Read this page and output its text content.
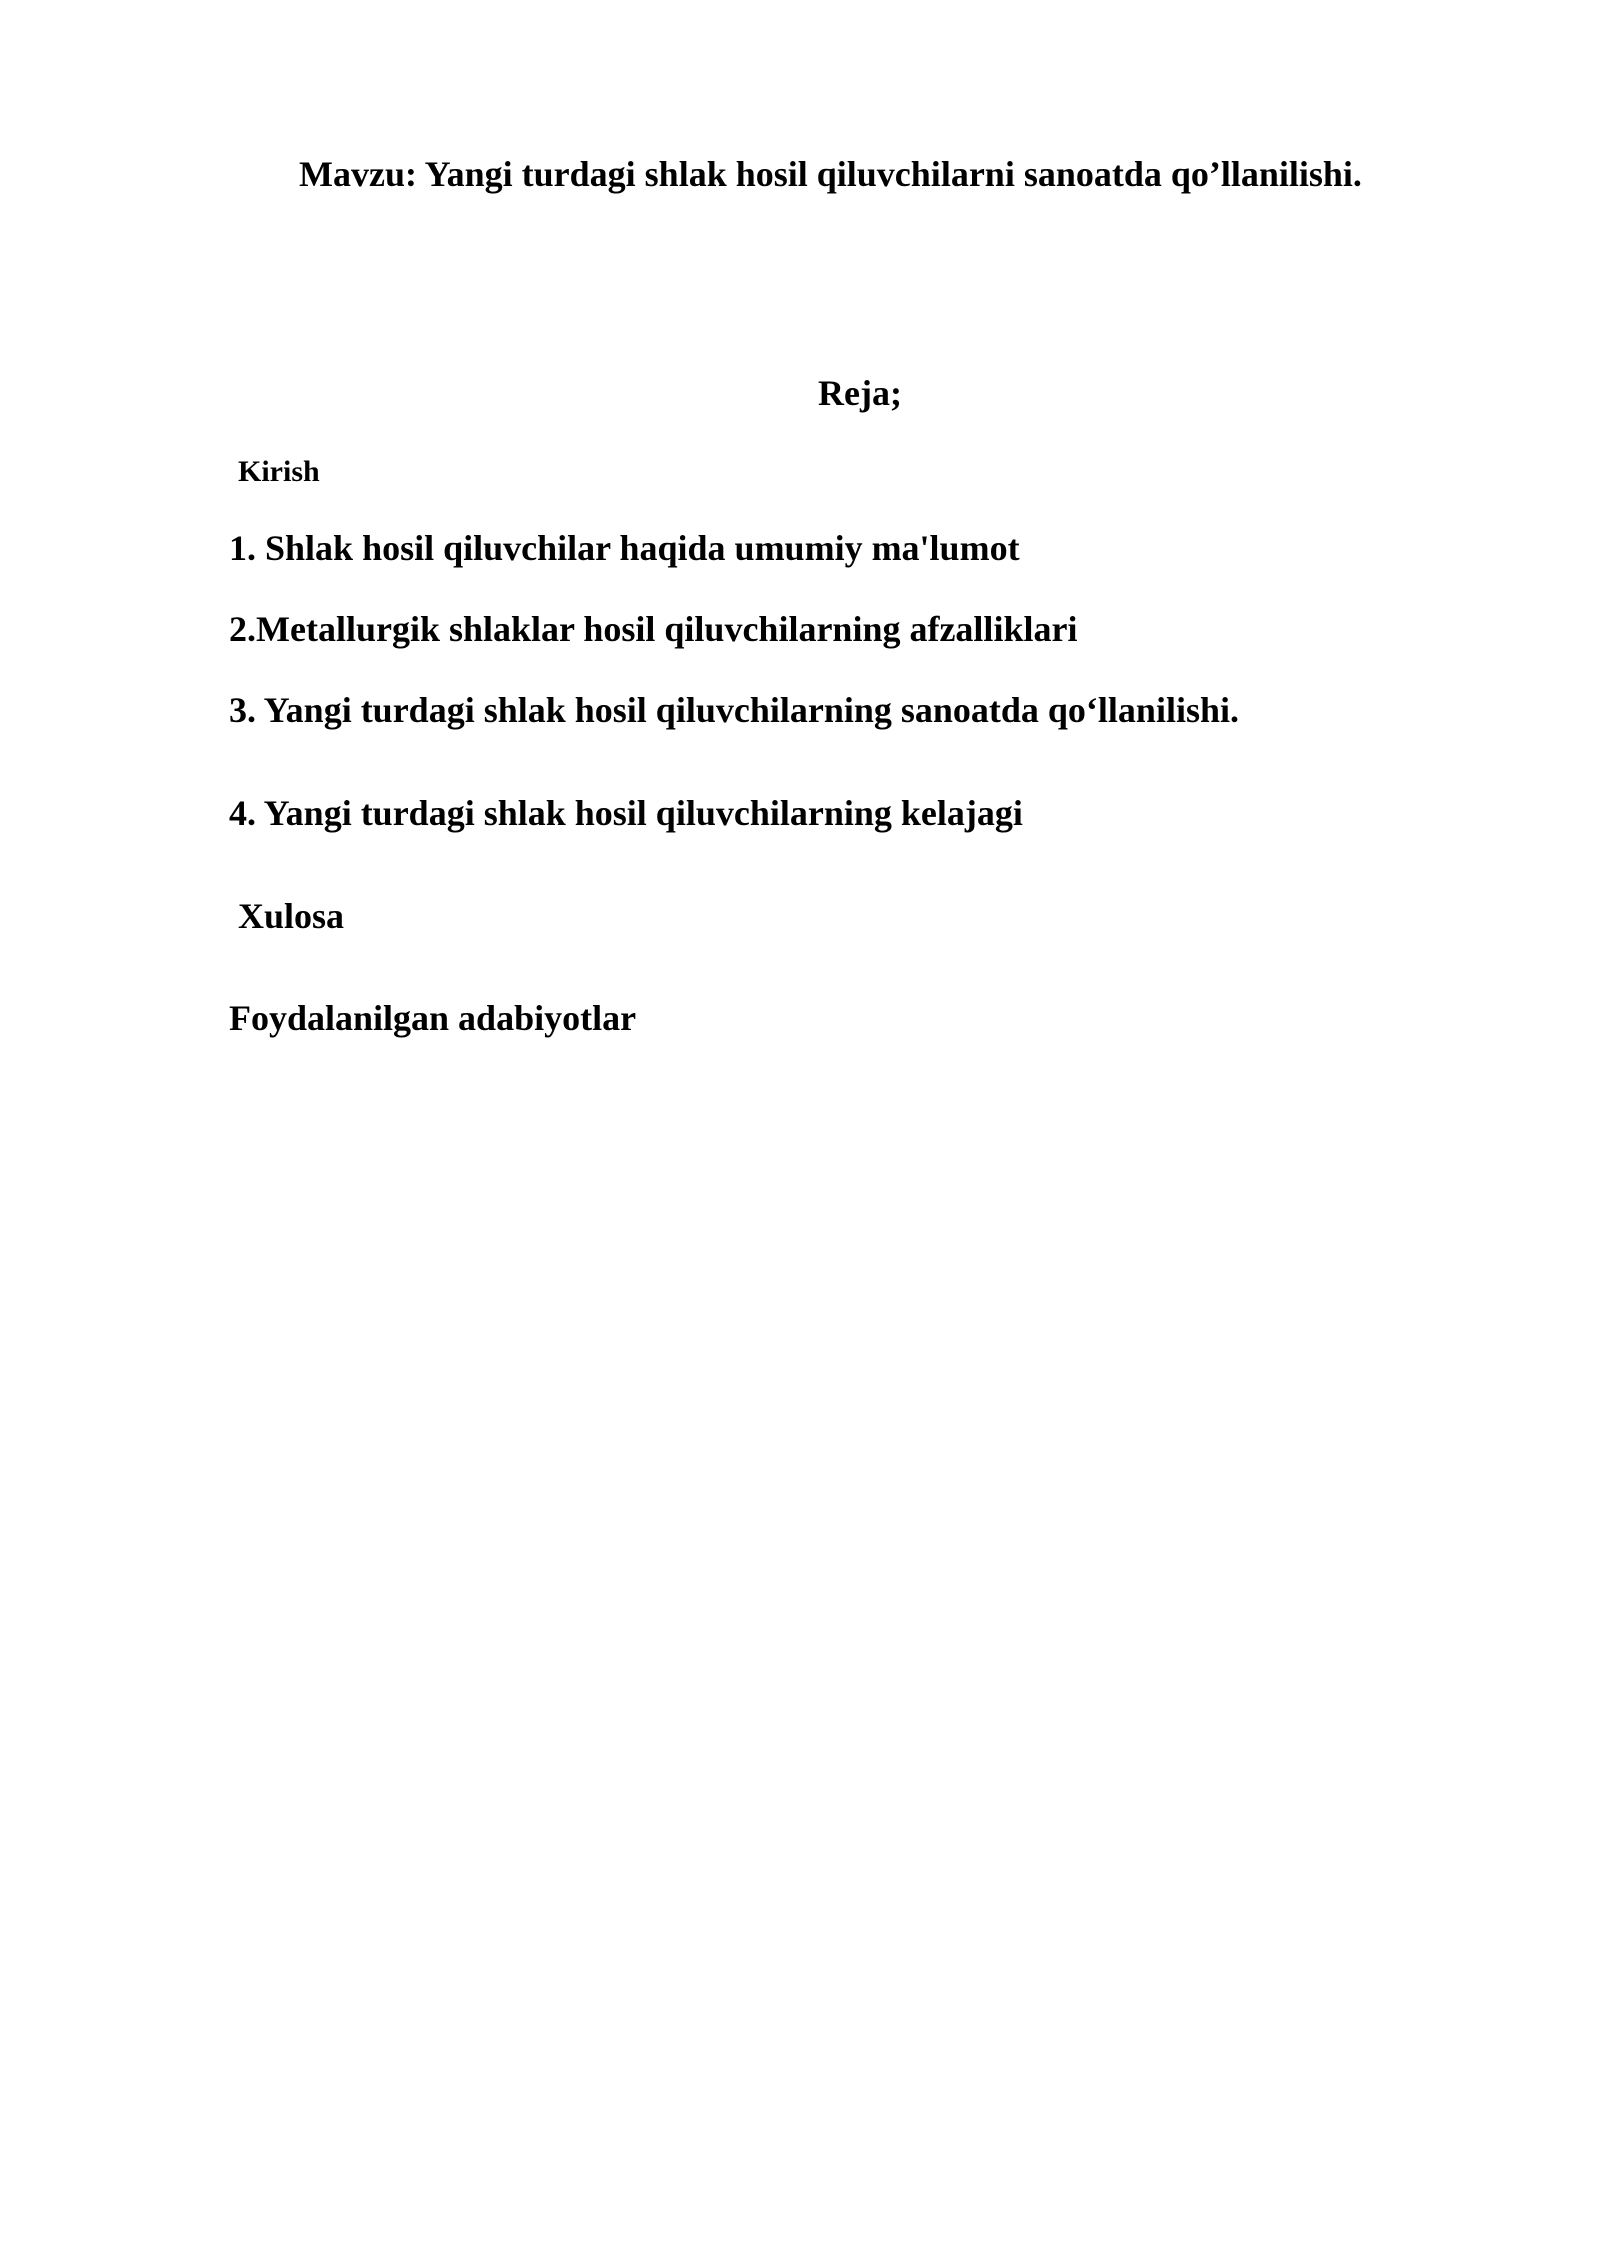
Mavzu: Yangi turdagi shlak hosil qiluvchilarni sanoatda qo’llanilishi.

Reja;

Kirish

1. Shlak hosil qiluvchilar haqida umumiy ma'lumot

2.Metallurgik shlaklar hosil qiluvchilarning afzalliklari

3. Yangi turdagi shlak hosil qiluvchilarning sanoatda qo‘llanilishi.

4. Yangi turdagi shlak hosil qiluvchilarning kelajagi

Xulosa

Foydalanilgan adabiyotlar
